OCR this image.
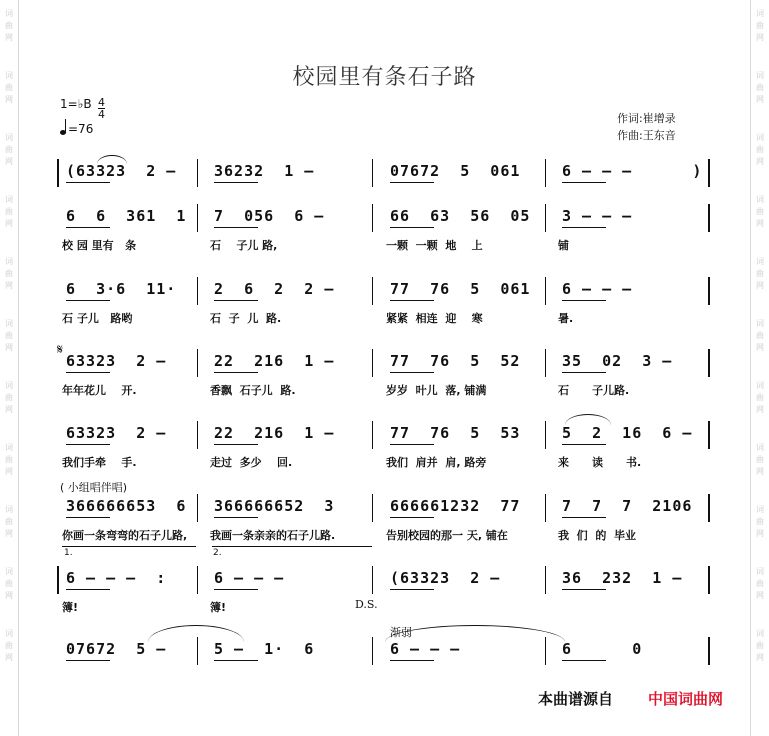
词
曲
网
词
曲
网
词
曲
网
词
曲
网
词
曲
网
词
曲
网
词
曲
网
词
曲
网
词
曲
网
词
曲
网
词
曲
网
词
曲
网
词
曲
网
词
曲
网
词
曲
网
词
曲
网
词
曲
网
词
曲
网
词
曲
网
词
曲
网
词
曲
网
词
曲
网
校园里有条石子路
1=♭B $\frac{4}{4}$
=76
作词:崔增录
作曲:王东音
(63323  2 –	36232  1 –	07672  5  061	6 – – –      )
6  6  361  1
校 园 里有   条
7  056  6 –
石    子儿 路,
66  63  56  05
一颗  一颗  地    上
3 – – –
铺
6  3·6  11·
石 子儿   路哟
2  6  2  2 –
石  子  儿  路.
77  76  5  061
紧紧  相连  迎    寒
6 – – –
暑.
63323  2 –
年年花儿    开.
22  216  1 –
香飘  石子儿  路.
77  76  5  52
岁岁  叶儿  落, 铺满
35  02  3 –
石      子儿路.
63323  2 –
我们手牵    手.
22  216  1 –
走过  多少    回.
77  76  5  53
我们  肩并  肩, 路旁
5  2  16  6 –
来      读      书.
366666653  6
你画一条弯弯的石子儿路,
366666652  3
我画一条亲亲的石子儿路.
666661232  77
告别校园的那一 天, 铺在
7  7  7  2106
我  们  的  毕业
6 – – –  :
簿!
6 – – –
簿!
(63323  2 –	36  232  1 –
07672  5 –	5 –  1·  6	6 – – –	6      0
𝄋
( 小组唱伴唱)
1.	2.
D.S.
渐弱
本曲谱源自 中国词曲网
